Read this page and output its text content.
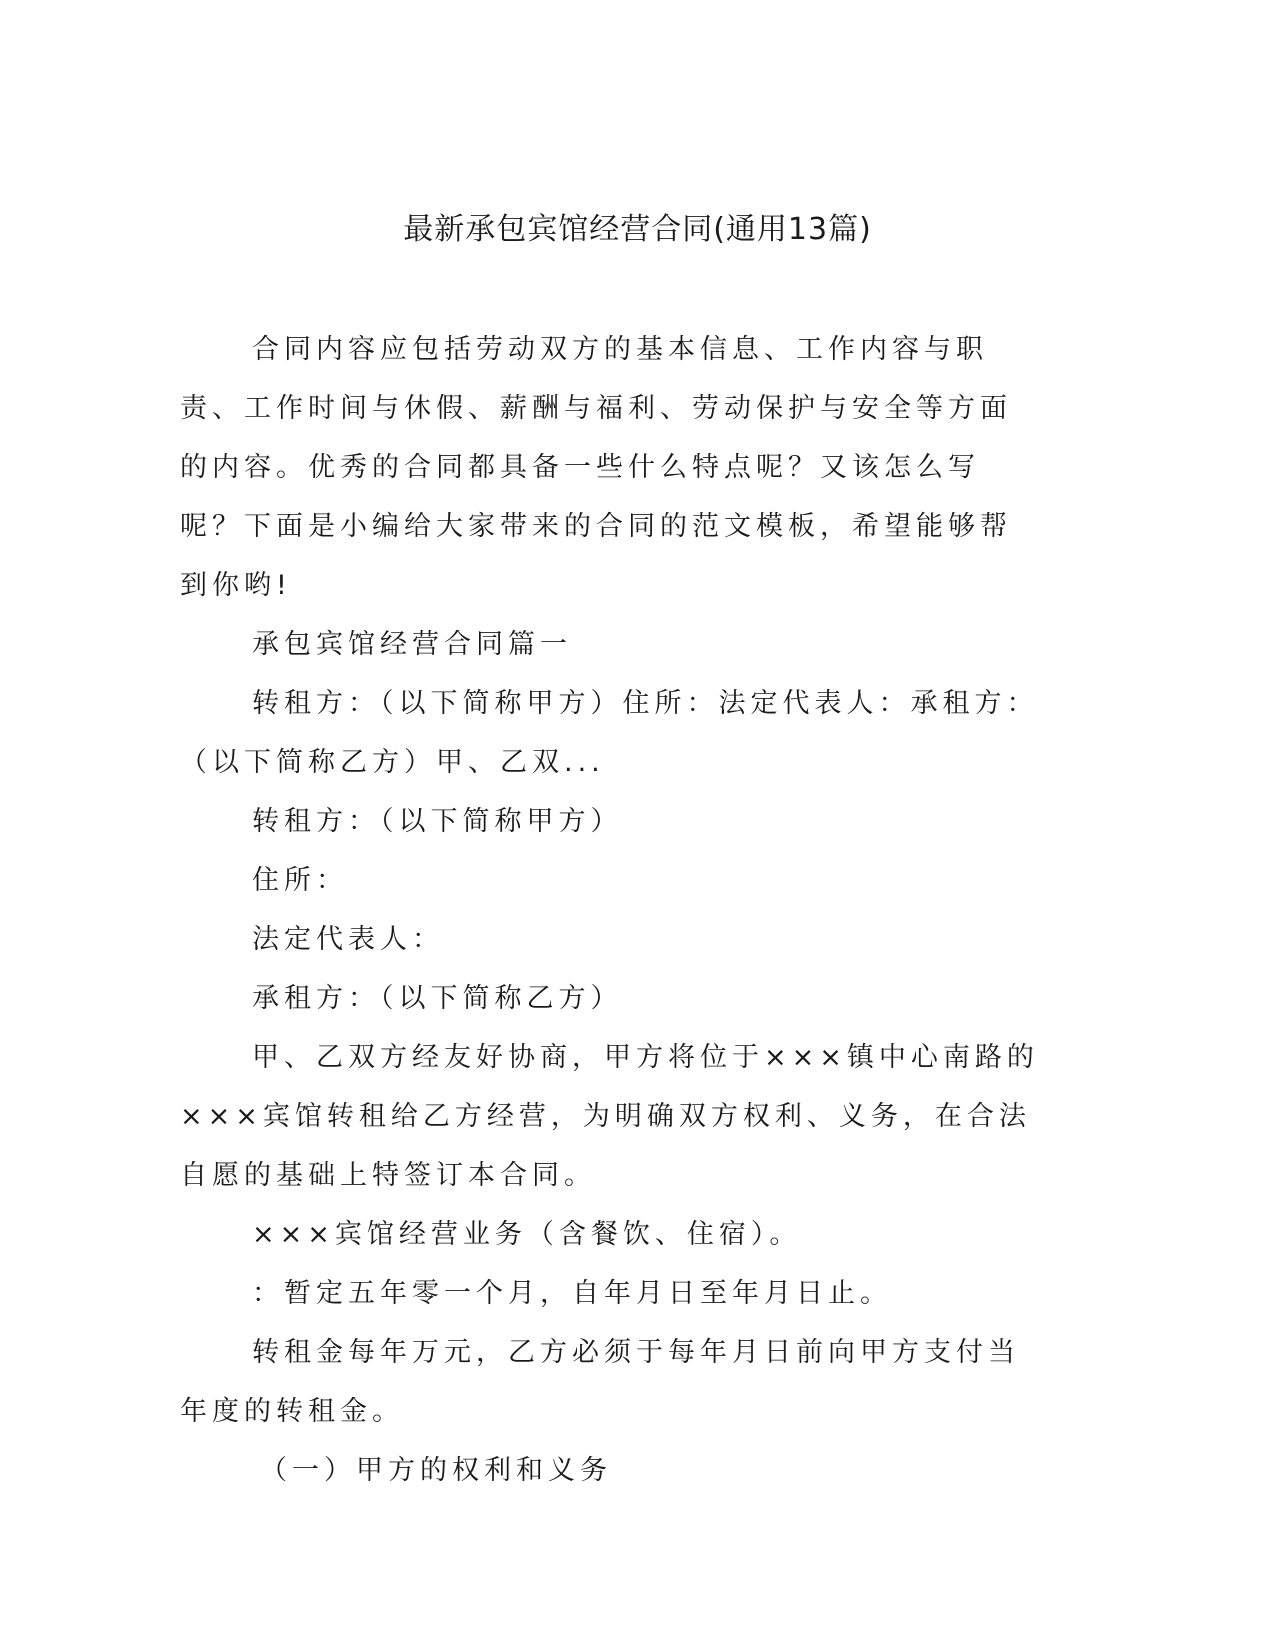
最新承包宾馆经营合同(通用13篇)

合同内容应包括劳动双方的基本信息、工作内容与职责、工作时间与休假、薪酬与福利、劳动保护与安全等方面的内容。优秀的合同都具备一些什么特点呢？又该怎么写呢？下面是小编给大家带来的合同的范文模板，希望能够帮到你哟!

承包宾馆经营合同篇一

转租方：（以下简称甲方）住所：法定代表人：承租方：（以下简称乙方）甲、乙双...

转租方：（以下简称甲方）

住所：

法定代表人：

承租方：（以下简称乙方）

甲、乙双方经友好协商，甲方将位于×××镇中心南路的×××宾馆转租给乙方经营，为明确双方权利、义务，在合法自愿的基础上特签订本合同。

×××宾馆经营业务（含餐饮、住宿）。

：暂定五年零一个月，自年月日至年月日止。

转租金每年万元，乙方必须于每年月日前向甲方支付当年度的转租金。

（一）甲方的权利和义务
